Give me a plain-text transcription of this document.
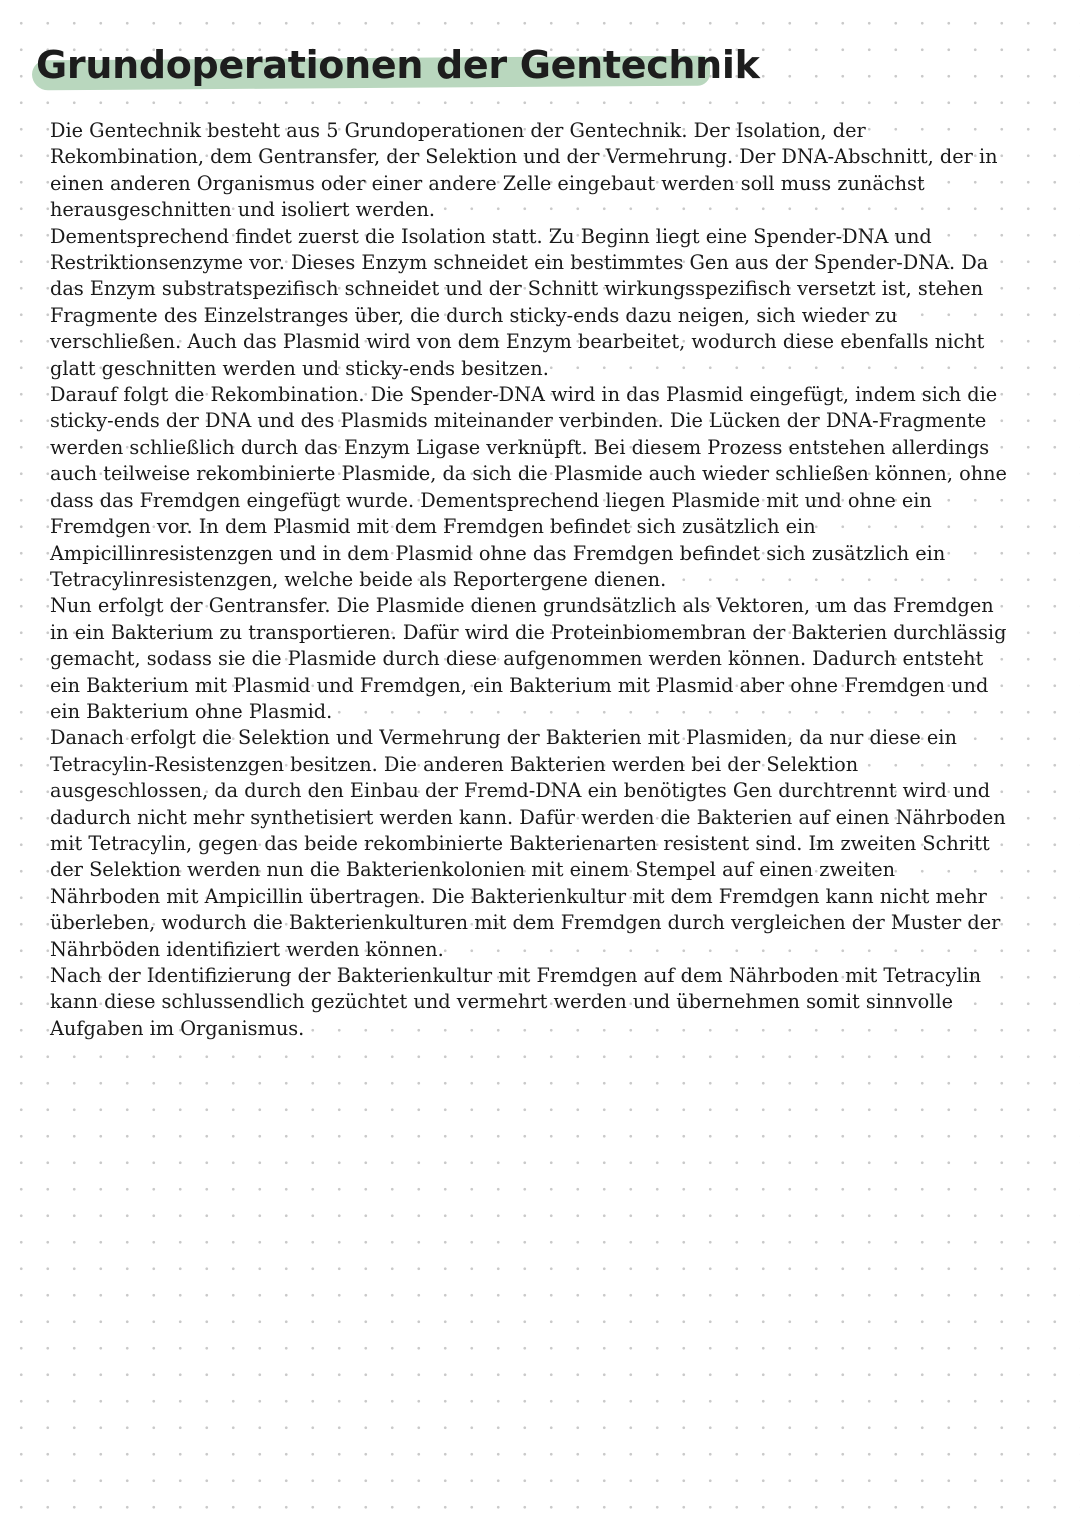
Grundoperationen der Gentechnik
Die Gentechnik besteht aus 5 Grundoperationen der Gentechnik. Der Isolation, der
Rekombination, dem Gentransfer, der Selektion und der Vermehrung. Der DNA-Abschnitt, der in
einen anderen Organismus oder einer andere Zelle eingebaut werden soll muss zunächst
herausgeschnitten und isoliert werden.
Dementsprechend findet zuerst die Isolation statt. Zu Beginn liegt eine Spender-DNA und
Restriktionsenzyme vor. Dieses Enzym schneidet ein bestimmtes Gen aus der Spender-DNA. Da
das Enzym substratspezifisch schneidet und der Schnitt wirkungsspezifisch versetzt ist, stehen
Fragmente des Einzelstranges über, die durch sticky-ends dazu neigen, sich wieder zu
verschließen. Auch das Plasmid wird von dem Enzym bearbeitet, wodurch diese ebenfalls nicht
glatt geschnitten werden und sticky-ends besitzen.
Darauf folgt die Rekombination. Die Spender-DNA wird in das Plasmid eingefügt, indem sich die
sticky-ends der DNA und des Plasmids miteinander verbinden. Die Lücken der DNA-Fragmente
werden schließlich durch das Enzym Ligase verknüpft. Bei diesem Prozess entstehen allerdings
auch teilweise rekombinierte Plasmide, da sich die Plasmide auch wieder schließen können, ohne
dass das Fremdgen eingefügt wurde. Dementsprechend liegen Plasmide mit und ohne ein
Fremdgen vor. In dem Plasmid mit dem Fremdgen befindet sich zusätzlich ein
Ampicillinresistenzgen und in dem Plasmid ohne das Fremdgen befindet sich zusätzlich ein
Tetracylinresistenzgen, welche beide als Reportergene dienen.
Nun erfolgt der Gentransfer. Die Plasmide dienen grundsätzlich als Vektoren, um das Fremdgen
in ein Bakterium zu transportieren. Dafür wird die Proteinbiomembran der Bakterien durchlässig
gemacht, sodass sie die Plasmide durch diese aufgenommen werden können. Dadurch entsteht
ein Bakterium mit Plasmid und Fremdgen, ein Bakterium mit Plasmid aber ohne Fremdgen und
ein Bakterium ohne Plasmid.
Danach erfolgt die Selektion und Vermehrung der Bakterien mit Plasmiden, da nur diese ein
Tetracylin-Resistenzgen besitzen. Die anderen Bakterien werden bei der Selektion
ausgeschlossen, da durch den Einbau der Fremd-DNA ein benötigtes Gen durchtrennt wird und
dadurch nicht mehr synthetisiert werden kann. Dafür werden die Bakterien auf einen Nährboden
mit Tetracylin, gegen das beide rekombinierte Bakterienarten resistent sind. Im zweiten Schritt
der Selektion werden nun die Bakterienkolonien mit einem Stempel auf einen zweiten
Nährboden mit Ampicillin übertragen. Die Bakterienkultur mit dem Fremdgen kann nicht mehr
überleben, wodurch die Bakterienkulturen mit dem Fremdgen durch vergleichen der Muster der
Nährböden identifiziert werden können.
Nach der Identifizierung der Bakterienkultur mit Fremdgen auf dem Nährboden mit Tetracylin
kann diese schlussendlich gezüchtet und vermehrt werden und übernehmen somit sinnvolle
Aufgaben im Organismus.
